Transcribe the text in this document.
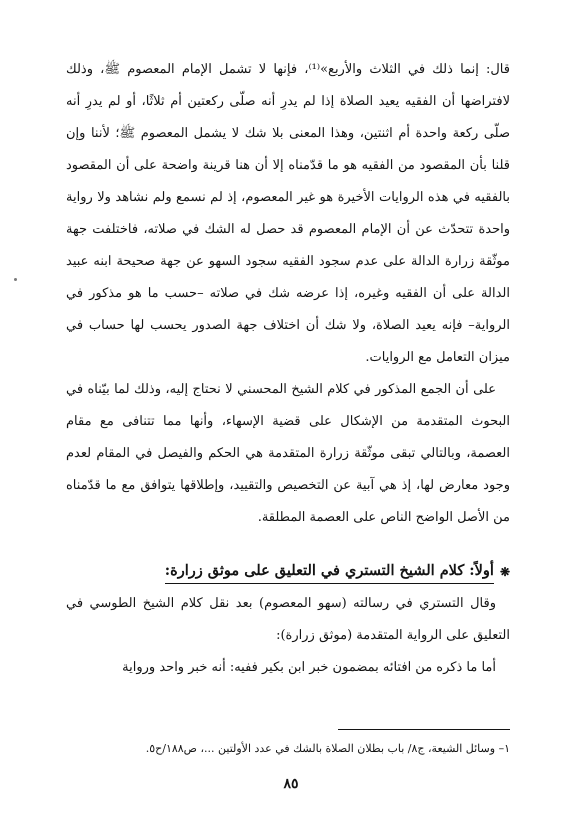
قال: إنما ذلك في الثلاث والأربع»⁽¹⁾، فإنها لا تشمل الإمام المعصوم ﷺ، وذلك لافتراضها أن الفقيه يعيد الصلاة إذا لم يدرِ أنه صلّى ركعتين أم ثلاثًا، أو لم يدرِ أنه صلّى ركعة واحدة أم اثنتين، وهذا المعنى بلا شك لا يشمل المعصوم ﷺ؛ لأننا وإن قلنا بأن المقصود من الفقيه هو ما قدّمناه إلا أن هنا قرينة واضحة على أن المقصود بالفقيه في هذه الروايات الأخيرة هو غير المعصوم، إذ لم نسمع ولم نشاهد ولا رواية واحدة تتحدّث عن أن الإمام المعصوم قد حصل له الشك في صلاته، فاختلفت جهة موثّقة زرارة الدالة على عدم سجود الفقيه سجود السهو عن جهة صحيحة ابنه عبيد الدالة على أن الفقيه وغيره، إذا عرضه شك في صلاته –حسب ما هو مذكور في الرواية– فإنه يعيد الصلاة، ولا شك أن اختلاف جهة الصدور يحسب لها حساب في ميزان التعامل مع الروايات.

على أن الجمع المذكور في كلام الشيخ المحسني لا نحتاج إليه، وذلك لما بيّناه في البحوث المتقدمة من الإشكال على قضية الإسهاء، وأنها مما تتنافى مع مقام العصمة، وبالتالي تبقى موثّقة زرارة المتقدمة هي الحكم والفيصل في المقام لعدم وجود معارض لها، إذ هي آبية عن التخصيص والتقييد، وإطلاقها يتوافق مع ما قدّمناه من الأصل الواضح الناص على العصمة المطلقة.

❋
أولاً: كلام الشيخ التستري في التعليق على موثق زرارة:

وقال التستري في رسالته (سهو المعصوم) بعد نقل كلام الشيخ الطوسي في التعليق على الرواية المتقدمة (موثق زرارة):

أما ما ذكره من افتائه بمضمون خبر ابن بكير ففيه: أنه خبر واحد ورواية

١– وسائل الشيعة، ج٨/ باب بطلان الصلاة بالشك في عدد الأولتين ...، ص١٨٨/ح٥.
٨٥
